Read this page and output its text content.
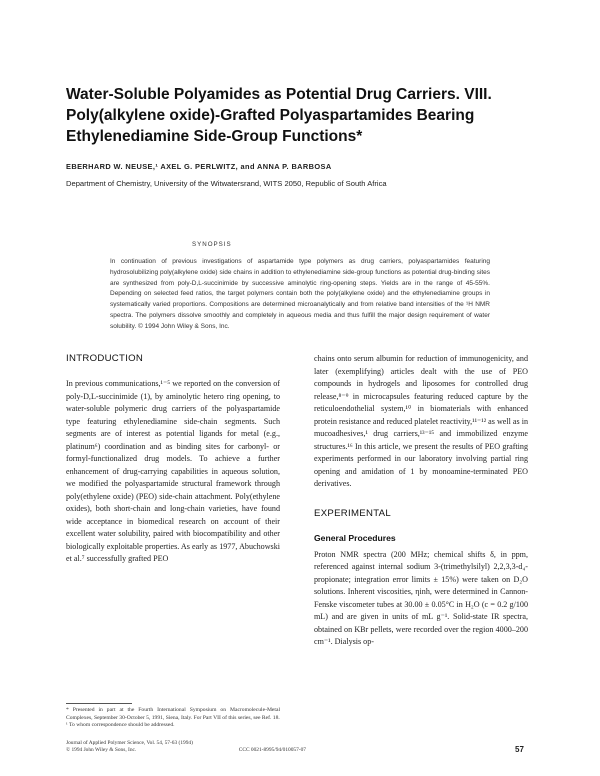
Water-Soluble Polyamides as Potential Drug Carriers. VIII. Poly(alkylene oxide)-Grafted Polyaspartamides Bearing Ethylenediamine Side-Group Functions*
EBERHARD W. NEUSE,¹ AXEL G. PERLWITZ, and ANNA P. BARBOSA
Department of Chemistry, University of the Witwatersrand, WITS 2050, Republic of South Africa
SYNOPSIS

In continuation of previous investigations of aspartamide type polymers as drug carriers, polyaspartamides featuring hydrosolubilizing poly(alkylene oxide) side chains in addition to ethylenediamine side-group functions as potential drug-binding sites are synthesized from poly-D,L-succinimide by successive aminolytic ring-opening steps. Yields are in the range of 45-55%. Depending on selected feed ratios, the target polymers contain both the poly(alkylene oxide) and the ethylenediamine groups in systematically varied proportions. Compositions are determined microanalytically and from relative band intensities of the ¹H NMR spectra. The polymers dissolve smoothly and completely in aqueous media and thus fulfill the major design requirement of water solubility. © 1994 John Wiley & Sons, Inc.

INTRODUCTION

In previous communications,¹⁻⁵ we reported on the conversion of poly-D,L-succinimide (1), by aminolytic hetero ring opening, to water-soluble polymeric drug carriers of the polyaspartamide type featuring ethylenediamine side-chain segments. Such segments are of interest as potential ligands for metal (e.g., platinum⁶) coordination and as binding sites for carbonyl- or formyl-functionalized drug models. To achieve a further enhancement of drug-carrying capabilities in aqueous solution, we modified the polyaspartamide structural framework through poly(ethylene oxide) (PEO) side-chain attachment. Poly(ethylene oxides), both short-chain and long-chain varieties, have found wide acceptance in biomedical research on account of their excellent water solubility, paired with biocompatibility and other biologically exploitable properties. As early as 1977, Abuchowski et al.⁷ successfully grafted PEO

chains onto serum albumin for reduction of immunogenicity, and later (exemplifying) articles dealt with the use of PEO compounds in hydrogels and liposomes for controlled drug release,⁸⁻⁹ in microcapsules featuring reduced capture by the reticuloendothelial system,¹⁰ in biomaterials with enhanced protein resistance and reduced platelet reactivity,¹¹⁻¹² as well as in mucoadhesives,¹ drug carriers,¹³⁻¹⁵ and immobilized enzyme structures.¹⁶ In this article, we present the results of PEO grafting experiments performed in our laboratory involving partial ring opening and amidation of 1 by monoamine-terminated PEO derivatives.

EXPERIMENTAL
General Procedures

Proton NMR spectra (200 MHz; chemical shifts δ, in ppm, referenced against internal sodium 3-(trimethylsilyl) 2,2,3,3-d₄-propionate; integration error limits ± 15%) were taken on D₂O solutions. Inherent viscosities, ηinh, were determined in Cannon-Fenske viscometer tubes at 30.00 ± 0.05°C in H₂O (c = 0.2 g/100 mL) and are given in units of mL g⁻¹. Solid-state IR spectra, obtained on KBr pellets, were recorded over the region 4000–200 cm⁻¹. Dialysis op-

* Presented in part at the Fourth International Symposium on Macromolecule-Metal Complexes, September 30-October 5, 1991, Siena, Italy. For Part VII of this series, see Ref. 18.

¹ To whom correspondence should be addressed.

Journal of Applied Polymer Science, Vol. 54, 57-63 (1994)
© 1994 John Wiley & Sons, Inc.	CCC 0021-8995/94/010057-07	57
